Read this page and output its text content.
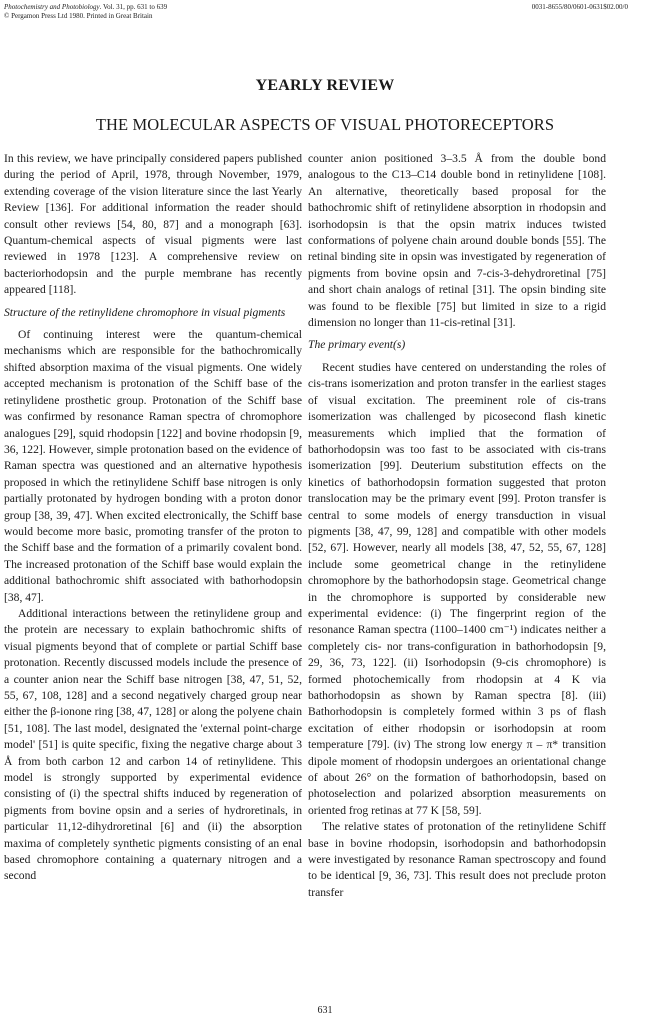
Photochemistry and Photobiology. Vol. 31, pp. 631 to 639
© Pergamon Press Ltd 1980. Printed in Great Britain
0031-8655/80/0601-0631$02.00/0
YEARLY REVIEW
THE MOLECULAR ASPECTS OF VISUAL PHOTORECEPTORS

In this review, we have principally considered papers published during the period of April, 1978, through November, 1979, extending coverage of the vision literature since the last Yearly Review [136]. For additional information the reader should consult other reviews [54, 80, 87] and a monograph [63]. Quantum-chemical aspects of visual pigments were last reviewed in 1978 [123]. A comprehensive review on bacteriorhodopsin and the purple membrane has recently appeared [118].

Structure of the retinylidene chromophore in visual pigments

Of continuing interest were the quantum-chemical mechanisms which are responsible for the bathochromically shifted absorption maxima of the visual pigments. One widely accepted mechanism is protonation of the Schiff base of the retinylidene prosthetic group. Protonation of the Schiff base was confirmed by resonance Raman spectra of chromophore analogues [29], squid rhodopsin [122] and bovine rhodopsin [9, 36, 122]. However, simple protonation based on the evidence of Raman spectra was questioned and an alternative hypothesis proposed in which the retinylidene Schiff base nitrogen is only partially protonated by hydrogen bonding with a proton donor group [38, 39, 47]. When excited electronically, the Schiff base would become more basic, promoting transfer of the proton to the Schiff base and the formation of a primarily covalent bond. The increased protonation of the Schiff base would explain the additional bathochromic shift associated with bathorhodopsin [38, 47].

Additional interactions between the retinylidene group and the protein are necessary to explain bathochromic shifts of visual pigments beyond that of complete or partial Schiff base protonation. Recently discussed models include the presence of a counter anion near the Schiff base nitrogen [38, 47, 51, 52, 55, 67, 108, 128] and a second negatively charged group near either the β-ionone ring [38, 47, 128] or along the polyene chain [51, 108]. The last model, designated the 'external point-charge model' [51] is quite specific, fixing the negative charge about 3 Å from both carbon 12 and carbon 14 of retinylidene. This model is strongly supported by experimental evidence consisting of (i) the spectral shifts induced by regeneration of pigments from bovine opsin and a series of hydroretinals, in particular 11,12-dihydroretinal [6] and (ii) the absorption maxima of completely synthetic pigments consisting of an enal based chromophore containing a quaternary nitrogen and a second

counter anion positioned 3–3.5 Å from the double bond analogous to the C13–C14 double bond in retinylidene [108]. An alternative, theoretically based proposal for the bathochromic shift of retinylidene absorption in rhodopsin and isorhodopsin is that the opsin matrix induces twisted conformations of polyene chain around double bonds [55]. The retinal binding site in opsin was investigated by regeneration of pigments from bovine opsin and 7-cis-3-dehydroretinal [75] and short chain analogs of retinal [31]. The opsin binding site was found to be flexible [75] but limited in size to a rigid dimension no longer than 11-cis-retinal [31].

The primary event(s)

Recent studies have centered on understanding the roles of cis-trans isomerization and proton transfer in the earliest stages of visual excitation. The preeminent role of cis-trans isomerization was challenged by picosecond flash kinetic measurements which implied that the formation of bathorhodopsin was too fast to be associated with cis-trans isomerization [99]. Deuterium substitution effects on the kinetics of bathorhodopsin formation suggested that proton translocation may be the primary event [99]. Proton transfer is central to some models of energy transduction in visual pigments [38, 47, 99, 128] and compatible with other models [52, 67]. However, nearly all models [38, 47, 52, 55, 67, 128] include some geometrical change in the retinylidene chromophore by the bathorhodopsin stage. Geometrical change in the chromophore is supported by considerable new experimental evidence: (i) The fingerprint region of the resonance Raman spectra (1100–1400 cm⁻¹) indicates neither a completely cis- nor trans-configuration in bathorhodopsin [9, 29, 36, 73, 122]. (ii) Isorhodopsin (9-cis chromophore) is formed photochemically from rhodopsin at 4 K via bathorhodopsin as shown by Raman spectra [8]. (iii) Bathorhodopsin is completely formed within 3 ps of flash excitation of either rhodopsin or isorhodopsin at room temperature [79]. (iv) The strong low energy π – π* transition dipole moment of rhodopsin undergoes an orientational change of about 26° on the formation of bathorhodopsin, based on photoselection and polarized absorption measurements on oriented frog retinas at 77 K [58, 59].

The relative states of protonation of the retinylidene Schiff base in bovine rhodopsin, isorhodopsin and bathorhodopsin were investigated by resonance Raman spectroscopy and found to be identical [9, 36, 73]. This result does not preclude proton transfer

631
